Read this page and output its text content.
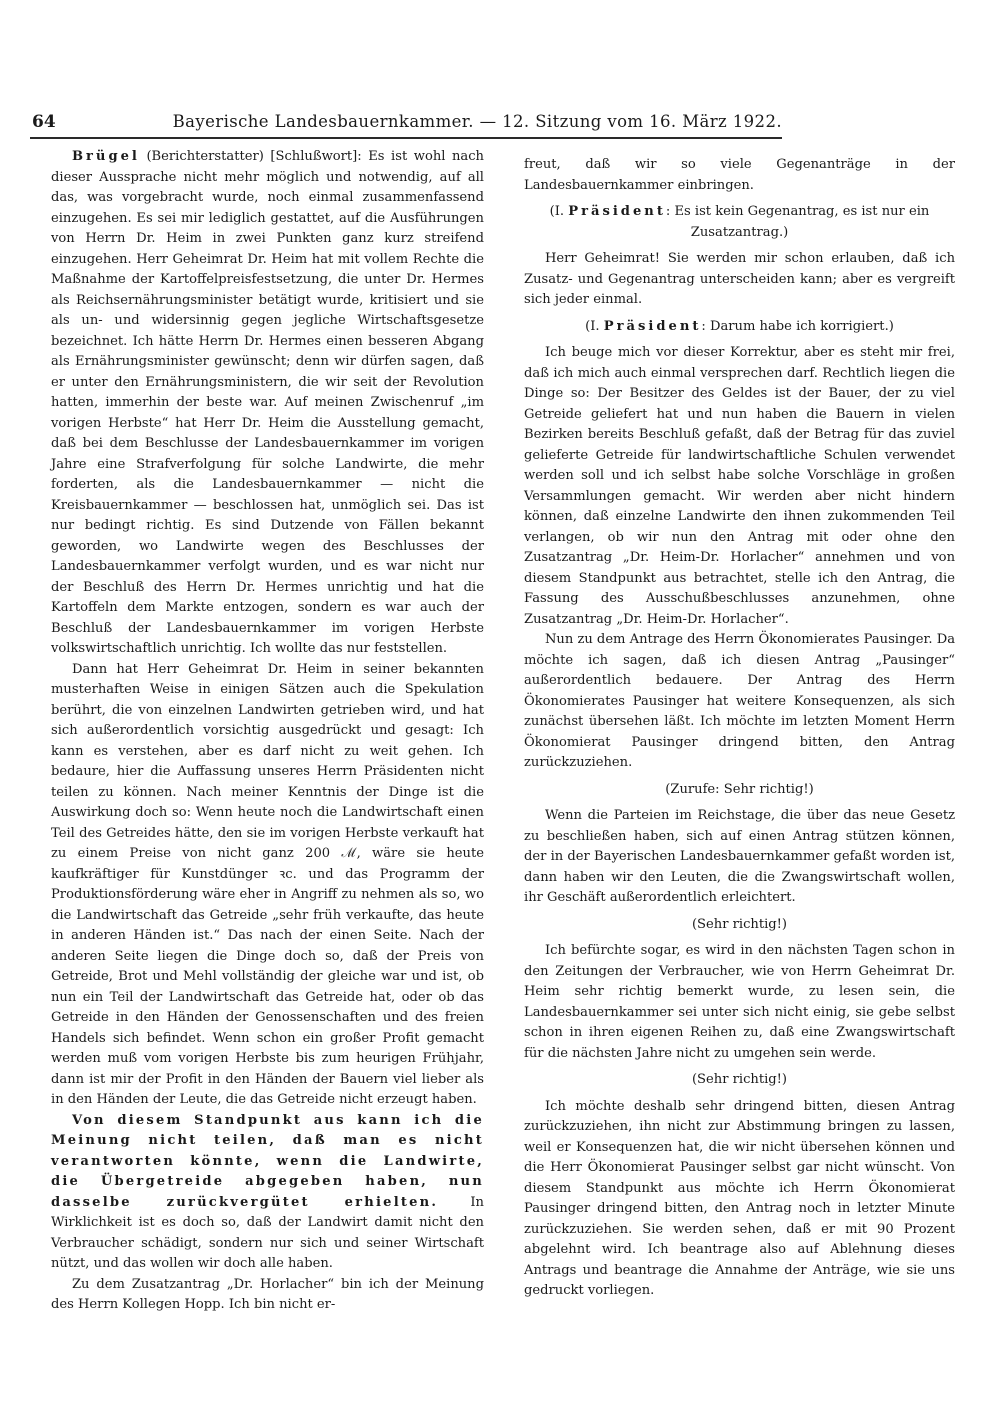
64	Bayerische Landesbauernkammer. — 12. Sitzung vom 16. März 1922.

Brügel (Berichterstatter) [Schlußwort]: Es ist wohl nach dieser Aussprache nicht mehr möglich und notwendig, auf all das, was vorgebracht wurde, noch einmal zusammenfassend einzugehen. Es sei mir lediglich gestattet, auf die Ausführungen von Herrn Dr. Heim in zwei Punkten ganz kurz streifend einzugehen. Herr Geheimrat Dr. Heim hat mit vollem Rechte die Maßnahme der Kartoffelpreisfestsetzung, die unter Dr. Hermes als Reichsernährungsminister betätigt wurde, kritisiert und sie als un- und widersinnig gegen jegliche Wirtschaftsgesetze bezeichnet. Ich hätte Herrn Dr. Hermes einen besseren Abgang als Ernährungsminister gewünscht; denn wir dürfen sagen, daß er unter den Ernährungsministern, die wir seit der Revolution hatten, immerhin der beste war. Auf meinen Zwischenruf „im vorigen Herbste“ hat Herr Dr. Heim die Ausstellung gemacht, daß bei dem Beschlusse der Landesbauernkammer im vorigen Jahre eine Strafverfolgung für solche Landwirte, die mehr forderten, als die Landesbauernkammer — nicht die Kreisbauernkammer — beschlossen hat, unmöglich sei. Das ist nur bedingt richtig. Es sind Dutzende von Fällen bekannt geworden, wo Landwirte wegen des Beschlusses der Landesbauernkammer verfolgt wurden, und es war nicht nur der Beschluß des Herrn Dr. Hermes unrichtig und hat die Kartoffeln dem Markte entzogen, sondern es war auch der Beschluß der Landesbauernkammer im vorigen Herbste volkswirtschaftlich unrichtig. Ich wollte das nur feststellen.

Dann hat Herr Geheimrat Dr. Heim in seiner bekannten musterhaften Weise in einigen Sätzen auch die Spekulation berührt, die von einzelnen Landwirten getrieben wird, und hat sich außerordentlich vorsichtig ausgedrückt und gesagt: Ich kann es verstehen, aber es darf nicht zu weit gehen. Ich bedaure, hier die Auffassung unseres Herrn Präsidenten nicht teilen zu können. Nach meiner Kenntnis der Dinge ist die Auswirkung doch so: Wenn heute noch die Landwirtschaft einen Teil des Getreides hätte, den sie im vorigen Herbste verkauft hat zu einem Preise von nicht ganz 200 ℳ, wäre sie heute kaufkräftiger für Kunstdünger ꝛc. und das Programm der Produktionsförderung wäre eher in Angriff zu nehmen als so, wo die Landwirtschaft das Getreide „sehr früh verkaufte, das heute in anderen Händen ist.“ Das nach der einen Seite. Nach der anderen Seite liegen die Dinge doch so, daß der Preis von Getreide, Brot und Mehl vollständig der gleiche war und ist, ob nun ein Teil der Landwirtschaft das Getreide hat, oder ob das Getreide in den Händen der Genossenschaften und des freien Handels sich befindet. Wenn schon ein großer Profit gemacht werden muß vom vorigen Herbste bis zum heurigen Frühjahr, dann ist mir der Profit in den Händen der Bauern viel lieber als in den Händen der Leute, die das Getreide nicht erzeugt haben.

Von diesem Standpunkt aus kann ich die Meinung nicht teilen, daß man es nicht verantworten könnte, wenn die Landwirte, die Übergetreide abgegeben haben, nun dasselbe zurückvergütet erhielten. In Wirklichkeit ist es doch so, daß der Landwirt damit nicht den Verbraucher schädigt, sondern nur sich und seiner Wirtschaft nützt, und das wollen wir doch alle haben.

Zu dem Zusatzantrag „Dr. Horlacher“ bin ich der Meinung des Herrn Kollegen Hopp. Ich bin nicht er-

freut, daß wir so viele Gegenanträge in der Landesbauernkammer einbringen.

(I. Präsident: Es ist kein Gegenantrag, es ist nur ein Zusatzantrag.)

Herr Geheimrat! Sie werden mir schon erlauben, daß ich Zusatz- und Gegenantrag unterscheiden kann; aber es vergreift sich jeder einmal.

(I. Präsident: Darum habe ich korrigiert.)

Ich beuge mich vor dieser Korrektur, aber es steht mir frei, daß ich mich auch einmal versprechen darf. Rechtlich liegen die Dinge so: Der Besitzer des Geldes ist der Bauer, der zu viel Getreide geliefert hat und nun haben die Bauern in vielen Bezirken bereits Beschluß gefaßt, daß der Betrag für das zuviel gelieferte Getreide für landwirtschaftliche Schulen verwendet werden soll und ich selbst habe solche Vorschläge in großen Versammlungen gemacht. Wir werden aber nicht hindern können, daß einzelne Landwirte den ihnen zukommenden Teil verlangen, ob wir nun den Antrag mit oder ohne den Zusatzantrag „Dr. Heim-Dr. Horlacher“ annehmen und von diesem Standpunkt aus betrachtet, stelle ich den Antrag, die Fassung des Ausschußbeschlusses anzunehmen, ohne Zusatzantrag „Dr. Heim-Dr. Horlacher“.

Nun zu dem Antrage des Herrn Ökonomierates Pausinger. Da möchte ich sagen, daß ich diesen Antrag „Pausinger“ außerordentlich bedauere. Der Antrag des Herrn Ökonomierates Pausinger hat weitere Konsequenzen, als sich zunächst übersehen läßt. Ich möchte im letzten Moment Herrn Ökonomierat Pausinger dringend bitten, den Antrag zurückzuziehen.

(Zurufe: Sehr richtig!)

Wenn die Parteien im Reichstage, die über das neue Gesetz zu beschließen haben, sich auf einen Antrag stützen können, der in der Bayerischen Landesbauernkammer gefaßt worden ist, dann haben wir den Leuten, die die Zwangswirtschaft wollen, ihr Geschäft außerordentlich erleichtert.

(Sehr richtig!)

Ich befürchte sogar, es wird in den nächsten Tagen schon in den Zeitungen der Verbraucher, wie von Herrn Geheimrat Dr. Heim sehr richtig bemerkt wurde, zu lesen sein, die Landesbauernkammer sei unter sich nicht einig, sie gebe selbst schon in ihren eigenen Reihen zu, daß eine Zwangswirtschaft für die nächsten Jahre nicht zu umgehen sein werde.

(Sehr richtig!)

Ich möchte deshalb sehr dringend bitten, diesen Antrag zurückzuziehen, ihn nicht zur Abstimmung bringen zu lassen, weil er Konsequenzen hat, die wir nicht übersehen können und die Herr Ökonomierat Pausinger selbst gar nicht wünscht. Von diesem Standpunkt aus möchte ich Herrn Ökonomierat Pausinger dringend bitten, den Antrag noch in letzter Minute zurückzuziehen. Sie werden sehen, daß er mit 90 Prozent abgelehnt wird. Ich beantrage also auf Ablehnung dieses Antrags und beantrage die Annahme der Anträge, wie sie uns gedruckt vorliegen.
